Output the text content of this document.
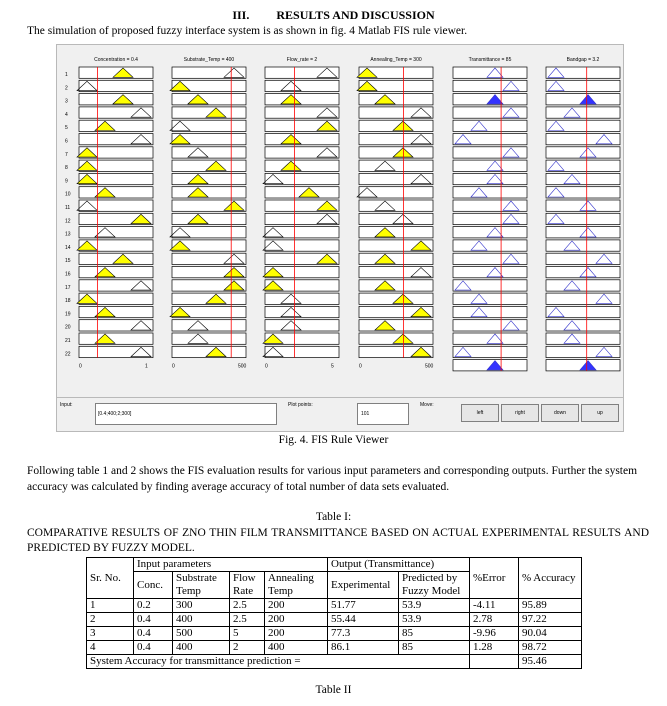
III. RESULTS AND DISCUSSION
The simulation of proposed fuzzy interface system is as shown in fig. 4 Matlab FIS rule viewer.
Concentration = 0.4	Substrate_Temp = 400	Flow_rate = 2	Annealing_Temp = 300	Transmittance = 85	Bandgap = 3.2
1
2
3
4
5
6
7
8
9
10
11
12
13
14
15
16
17
18
19
20
21
22
0	1	0	500	0	5	0	500
Input:
[0.4;400;2;300]
Plot points:
101
Move:
left	right	down	up
Fig. 4. FIS Rule Viewer
Following table 1 and 2 shows the FIS evaluation results for various input parameters and corresponding outputs. Further the system accuracy was calculated by finding average accuracy of total number of data sets evaluated.
Table I:
COMPARATIVE RESULTS OF ZNO THIN FILM TRANSMITTANCE BASED ON ACTUAL EXPERIMENTAL RESULTS AND PREDICTED BY FUZZY MODEL.
Sr. No.	Input parameters				Output (Transmittance)		%Error	% Accuracy
	Conc.	Substrate Temp	Flow Rate	Annealing Temp	Experimental	Predicted by Fuzzy Model		

1	0.2	300	2.5	200	51.77	53.9	-4.11	95.89
2	0.4	400	2.5	200	55.44	53.9	2.78	97.22
3	0.4	500	5	200	77.3	85	-9.96	90.04
4	0.4	400	2	400	86.1	85	1.28	98.72
System Accuracy for transmittance prediction =								95.46
Table II
